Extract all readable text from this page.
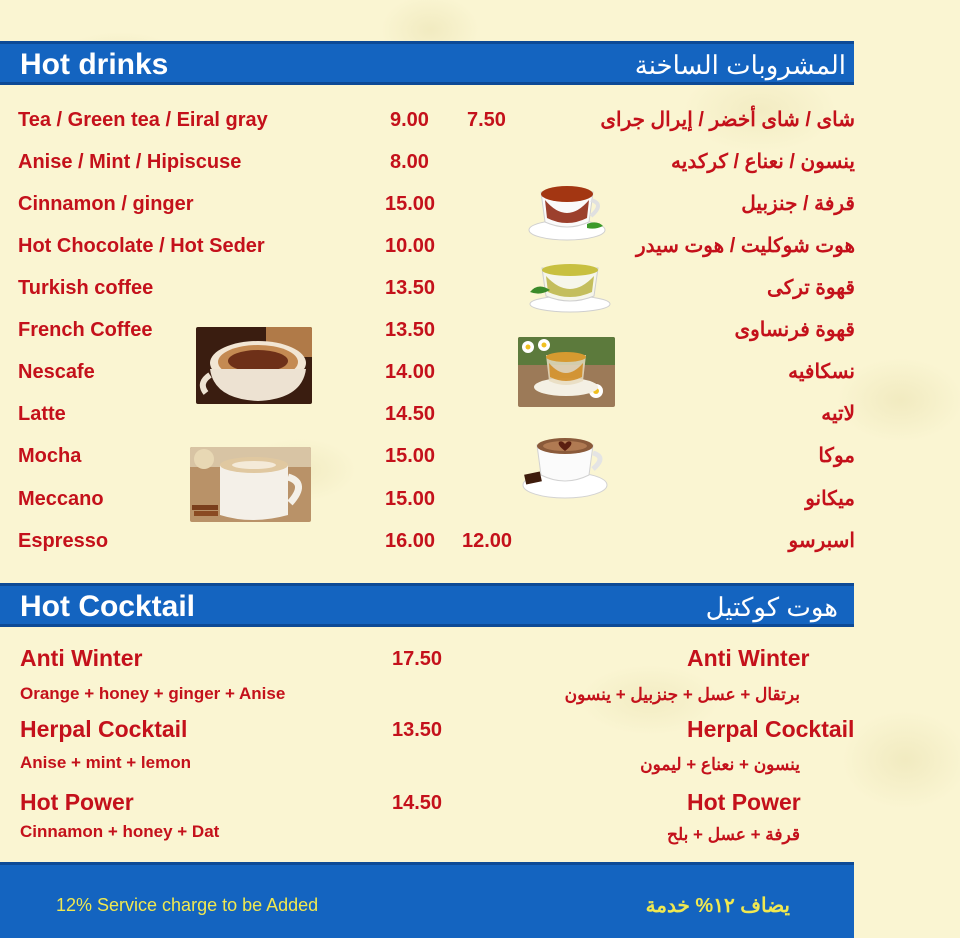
Hot drinks	المشروبات الساخنة
Tea / Green tea / Eiral gray	9.00 7.50	شاى / شاى أخضر / إيرال جراى
Anise / Mint / Hipiscuse	8.00	ينسون / نعناع / كركديه
Cinnamon / ginger	15.00	قرفة / جنزبيل
Hot Chocolate / Hot Seder	10.00	هوت شوكليت / هوت سيدر
Turkish coffee	13.50	قهوة تركى
French Coffee	13.50	قهوة فرنساوى
Nescafe	14.00	نسكافيه
Latte	14.50	لاتيه
Mocha	15.00	موكا
Meccano	15.00	ميكانو
Espresso	16.00 12.00	اسبرسو
Hot Cocktail	هوت كوكتيل
Anti Winter	17.50	Anti Winter
Orange + honey + ginger + Anise	برتقال + عسل + جنزبيل + ينسون
Herpal Cocktail	13.50	Herpal Cocktail
Anise + mint + lemon	ينسون + نعناع + ليمون
Hot Power	14.50	Hot Power
Cinnamon + honey + Dat	قرفة + عسل + بلح
12% Service charge to be Added	يضاف ١٢% خدمة
